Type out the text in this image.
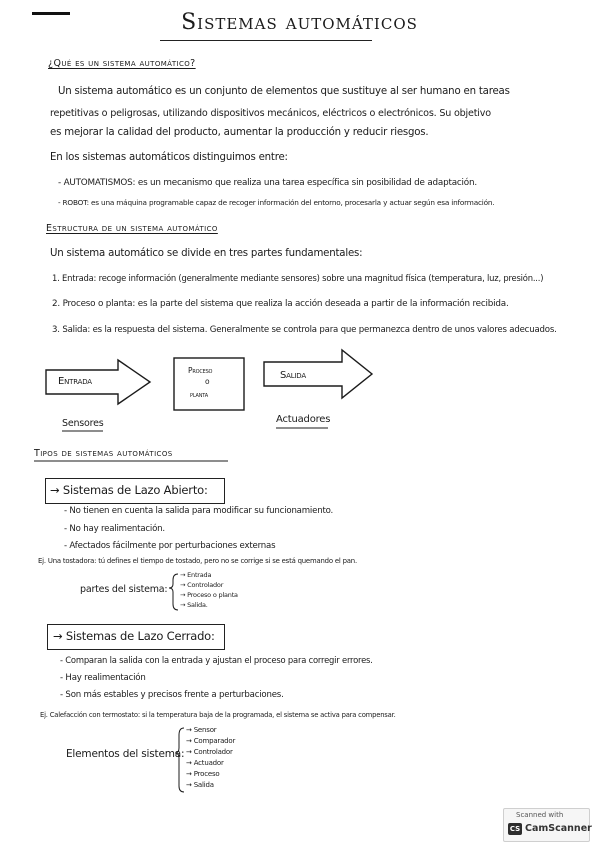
Sistemas automáticos
¿Qué es un sistema automático?
Un sistema automático es un conjunto de elementos que sustituye al ser humano en tareas
repetitivas o peligrosas, utilizando dispositivos mecánicos, eléctricos o electrónicos. Su objetivo
es mejorar la calidad del producto, aumentar la producción y reducir riesgos.
En los sistemas automáticos distinguimos entre:
- AUTOMATISMOS: es un mecanismo que realiza una tarea específica sin posibilidad de adaptación.
- ROBOT: es una máquina programable capaz de recoger información del entorno, procesarla y actuar según esa información.
Estructura de un sistema automático
Un sistema automático se divide en tres partes fundamentales:
1. Entrada: recoge información (generalmente mediante sensores) sobre una magnitud física (temperatura, luz, presión...)
2. Proceso o planta: es la parte del sistema que realiza la acción deseada a partir de la información recibida.
3. Salida: es la respuesta del sistema. Generalmente se controla para que permanezca dentro de unos valores adecuados.
Entrada
Proceso
o
planta
Salida
Sensores	Actuadores
Tipos de sistemas automáticos
→ Sistemas de Lazo Abierto:
- No tienen en cuenta la salida para modificar su funcionamiento.
- No hay realimentación.
- Afectados fácilmente por perturbaciones externas
Ej. Una tostadora: tú defines el tiempo de tostado, pero no se corrige si se está quemando el pan.
partes del sistema:
→ Entrada
→ Controlador
→ Proceso o planta
→ Salida.
→ Sistemas de Lazo Cerrado:
- Comparan la salida con la entrada y ajustan el proceso para corregir errores.
- Hay realimentación
- Son más estables y precisos frente a perturbaciones.
Ej. Calefacción con termostato: si la temperatura baja de la programada, el sistema se activa para compensar.
Elementos del sistema:
→ Sensor
→ Comparador
→ Controlador
→ Actuador
→ Proceso
→ Salida
Scanned with
CS CamScanner
